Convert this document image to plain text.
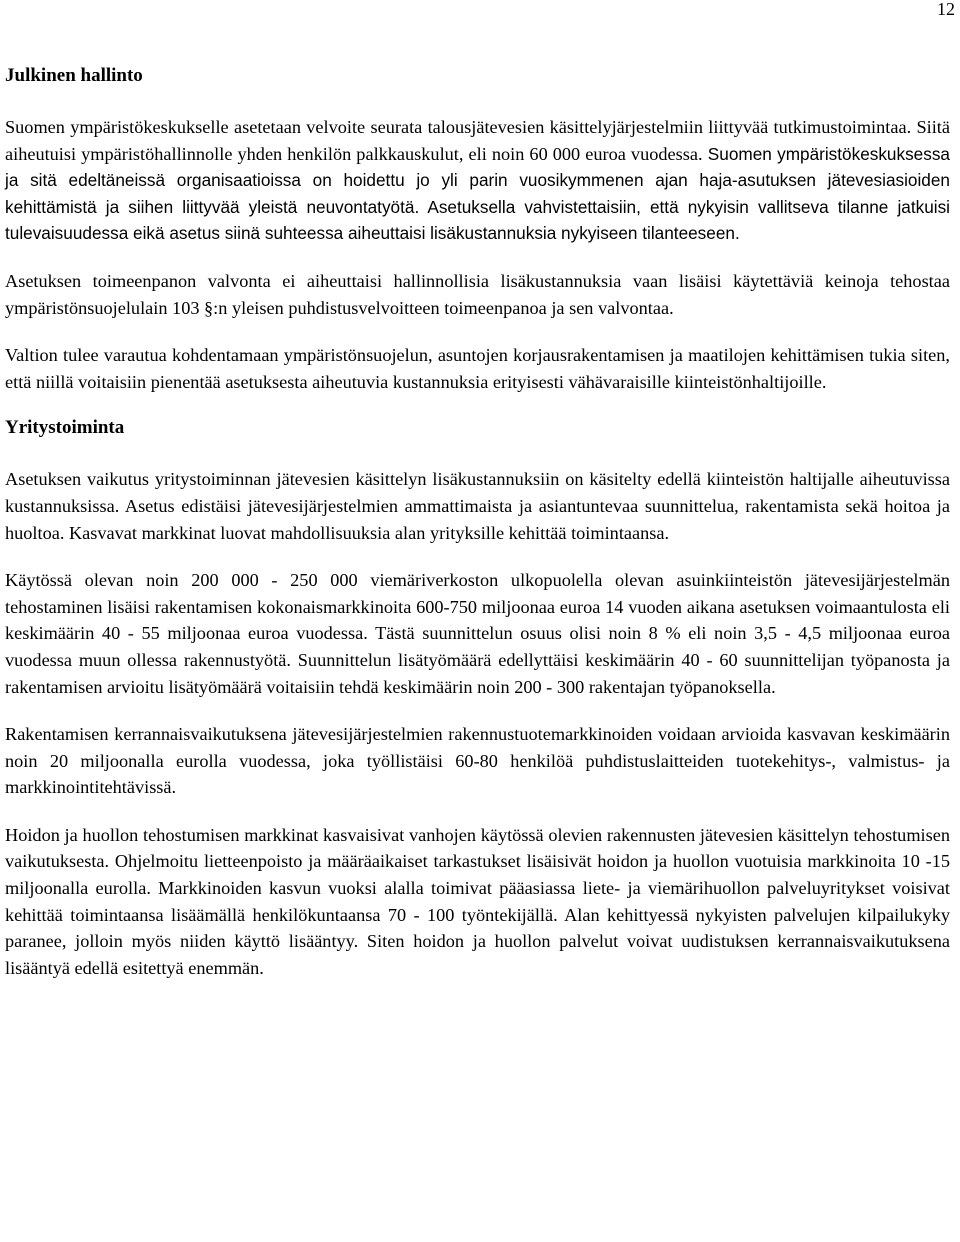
12
Julkinen hallinto

Suomen ympäristökeskukselle asetetaan velvoite seurata talousjätevesien käsittelyjärjestelmiin liittyvää tutkimustoimintaa. Siitä aiheutuisi ympäristöhallinnolle yhden henkilön palkkauskulut, eli noin 60 000 euroa vuodessa. Suomen ympäristökeskuksessa ja sitä edeltäneissä organisaatioissa on hoidettu jo yli parin vuosikymmenen ajan haja-asutuksen jätevesiasioiden kehittämistä ja siihen liittyvää yleistä neuvontatyötä. Asetuksella vahvistettaisiin, että nykyisin vallitseva tilanne jatkuisi tulevaisuudessa eikä asetus siinä suhteessa aiheuttaisi lisäkustannuksia nykyiseen tilanteeseen.

Asetuksen toimeenpanon valvonta ei aiheuttaisi hallinnollisia lisäkustannuksia vaan lisäisi käytettäviä keinoja tehostaa ympäristönsuojelulain 103 §:n yleisen puhdistusvelvoitteen toimeenpanoa ja sen valvontaa.

Valtion tulee varautua kohdentamaan ympäristönsuojelun, asuntojen korjausrakentamisen ja maatilojen kehittämisen tukia siten, että niillä voitaisiin pienentää asetuksesta aiheutuvia kustannuksia erityisesti vähävaraisille kiinteistönhaltijoille.

Yritystoiminta

Asetuksen vaikutus yritystoiminnan jätevesien käsittelyn lisäkustannuksiin on käsitelty edellä kiinteistön haltijalle aiheutuvissa kustannuksissa. Asetus edistäisi jätevesijärjestelmien ammattimaista ja asiantuntevaa suunnittelua, rakentamista sekä hoitoa ja huoltoa. Kasvavat markkinat luovat mahdollisuuksia alan yrityksille kehittää toimintaansa.

Käytössä olevan noin 200 000 - 250 000 viemäriverkoston ulkopuolella olevan asuinkiinteistön jätevesijärjestelmän tehostaminen lisäisi rakentamisen kokonaismarkkinoita 600-750 miljoonaa euroa 14 vuoden aikana asetuksen voimaantulosta eli keskimäärin 40 - 55 miljoonaa euroa vuodessa. Tästä suunnittelun osuus olisi noin 8 % eli noin 3,5 - 4,5 miljoonaa euroa vuodessa muun ollessa rakennustyötä. Suunnittelun lisätyömäärä edellyttäisi keskimäärin 40 - 60 suunnittelijan työpanosta ja rakentamisen arvioitu lisätyömäärä voitaisiin tehdä keskimäärin noin 200 - 300 rakentajan työpanoksella.

Rakentamisen kerrannaisvaikutuksena jätevesijärjestelmien rakennustuotemarkkinoiden voidaan arvioida kasvavan keskimäärin noin 20 miljoonalla eurolla vuodessa, joka työllistäisi 60-80 henkilöä puhdistuslaitteiden tuotekehitys-, valmistus- ja markkinointitehtävissä.

Hoidon ja huollon tehostumisen markkinat kasvaisivat vanhojen käytössä olevien rakennusten jätevesien käsittelyn tehostumisen vaikutuksesta. Ohjelmoitu lietteenpoisto ja määräaikaiset tarkastukset lisäisivät hoidon ja huollon vuotuisia markkinoita 10 -15 miljoonalla eurolla. Markkinoiden kasvun vuoksi alalla toimivat pääasiassa liete- ja viemärihuollon palveluyritykset voisivat kehittää toimintaansa lisäämällä henkilökuntaansa 70 - 100 työntekijällä. Alan kehittyessä nykyisten palvelujen kilpailukyky paranee, jolloin myös niiden käyttö lisääntyy. Siten hoidon ja huollon palvelut voivat uudistuksen kerrannaisvaikutuksena lisääntyä edellä esitettyä enemmän.
